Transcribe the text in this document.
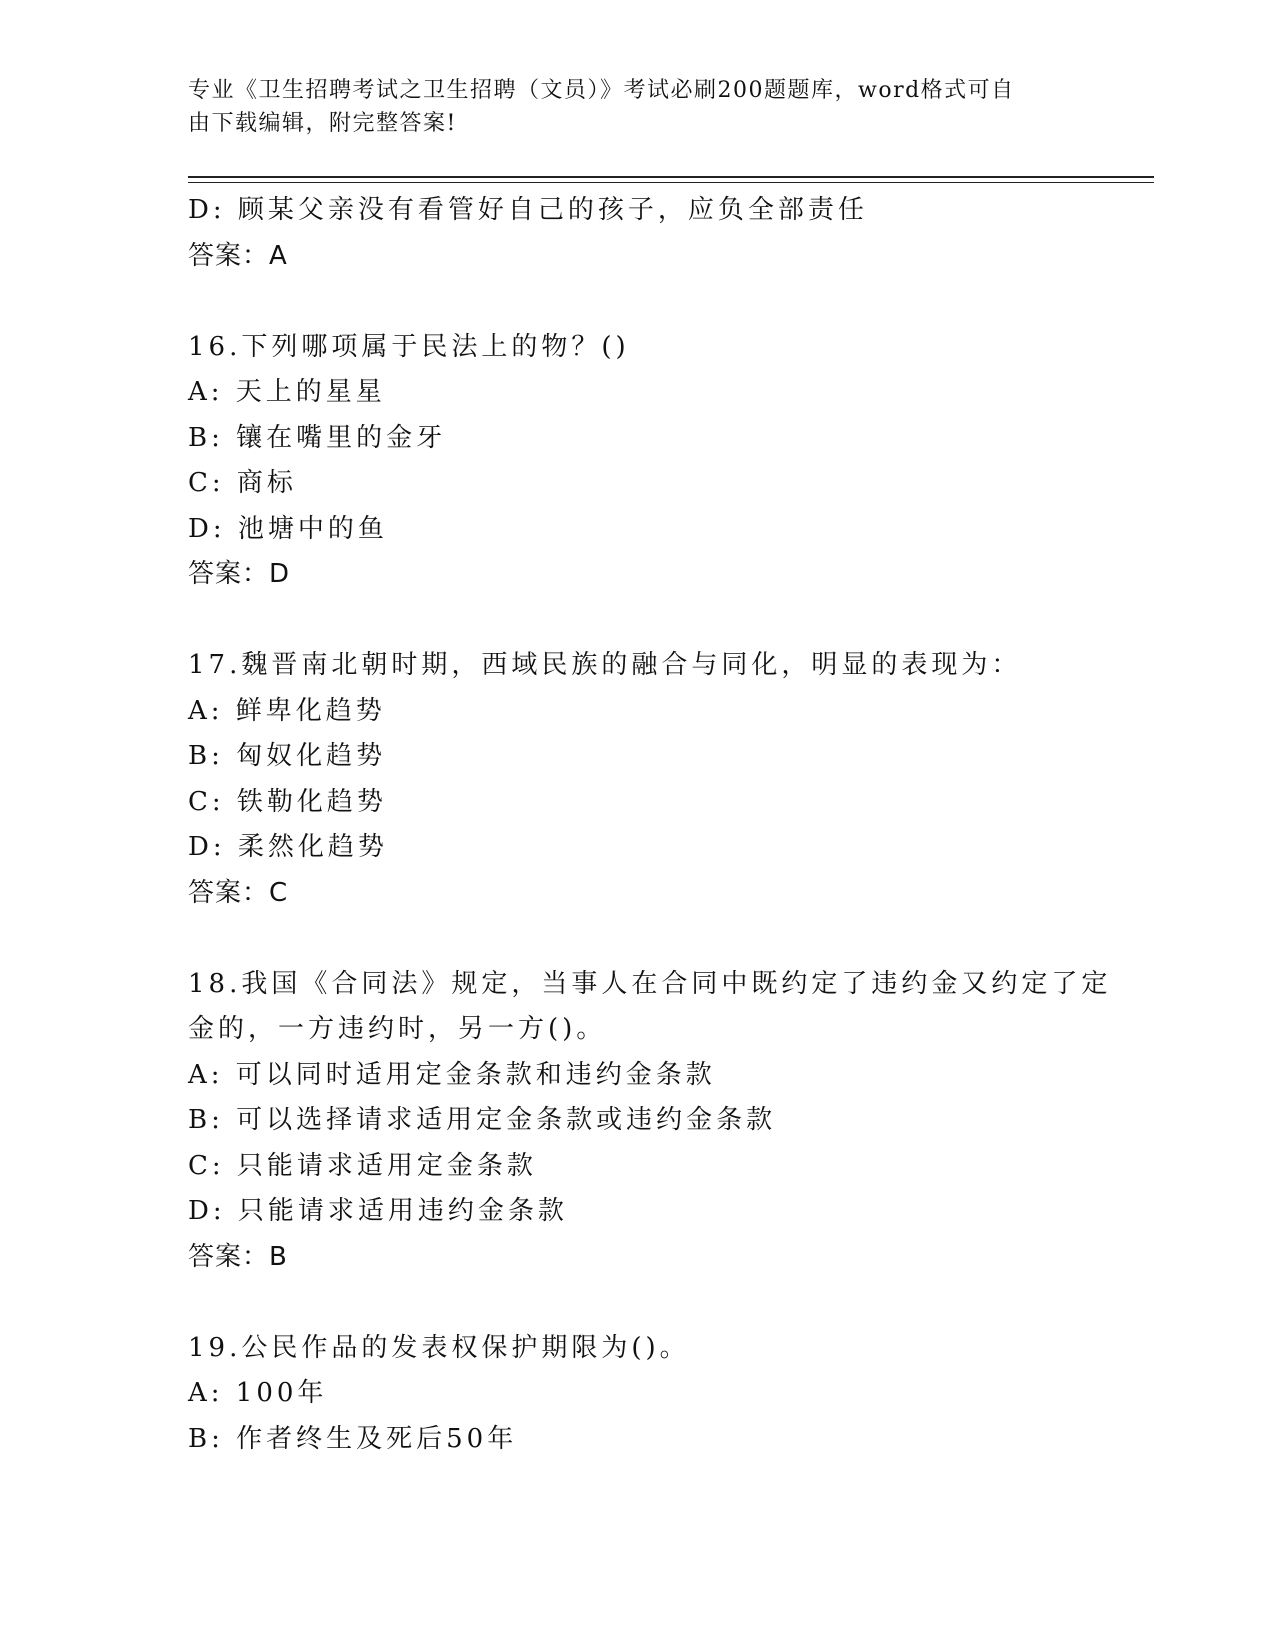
专业《卫生招聘考试之卫生招聘（文员）》考试必刷200题题库，word格式可自
由下载编辑，附完整答案!
D: 顾某父亲没有看管好自己的孩子，应负全部责任
答案：A
16.下列哪项属于民法上的物？()
A: 天上的星星
B: 镶在嘴里的金牙
C: 商标
D: 池塘中的鱼
答案：D
17.魏晋南北朝时期，西域民族的融合与同化，明显的表现为：
A: 鲜卑化趋势
B: 匈奴化趋势
C: 铁勒化趋势
D: 柔然化趋势
答案：C
18.我国《合同法》规定，当事人在合同中既约定了违约金又约定了定
金的，一方违约时，另一方()。
A: 可以同时适用定金条款和违约金条款
B: 可以选择请求适用定金条款或违约金条款
C: 只能请求适用定金条款
D: 只能请求适用违约金条款
答案：B
19.公民作品的发表权保护期限为()。
A: 100年
B: 作者终生及死后50年
